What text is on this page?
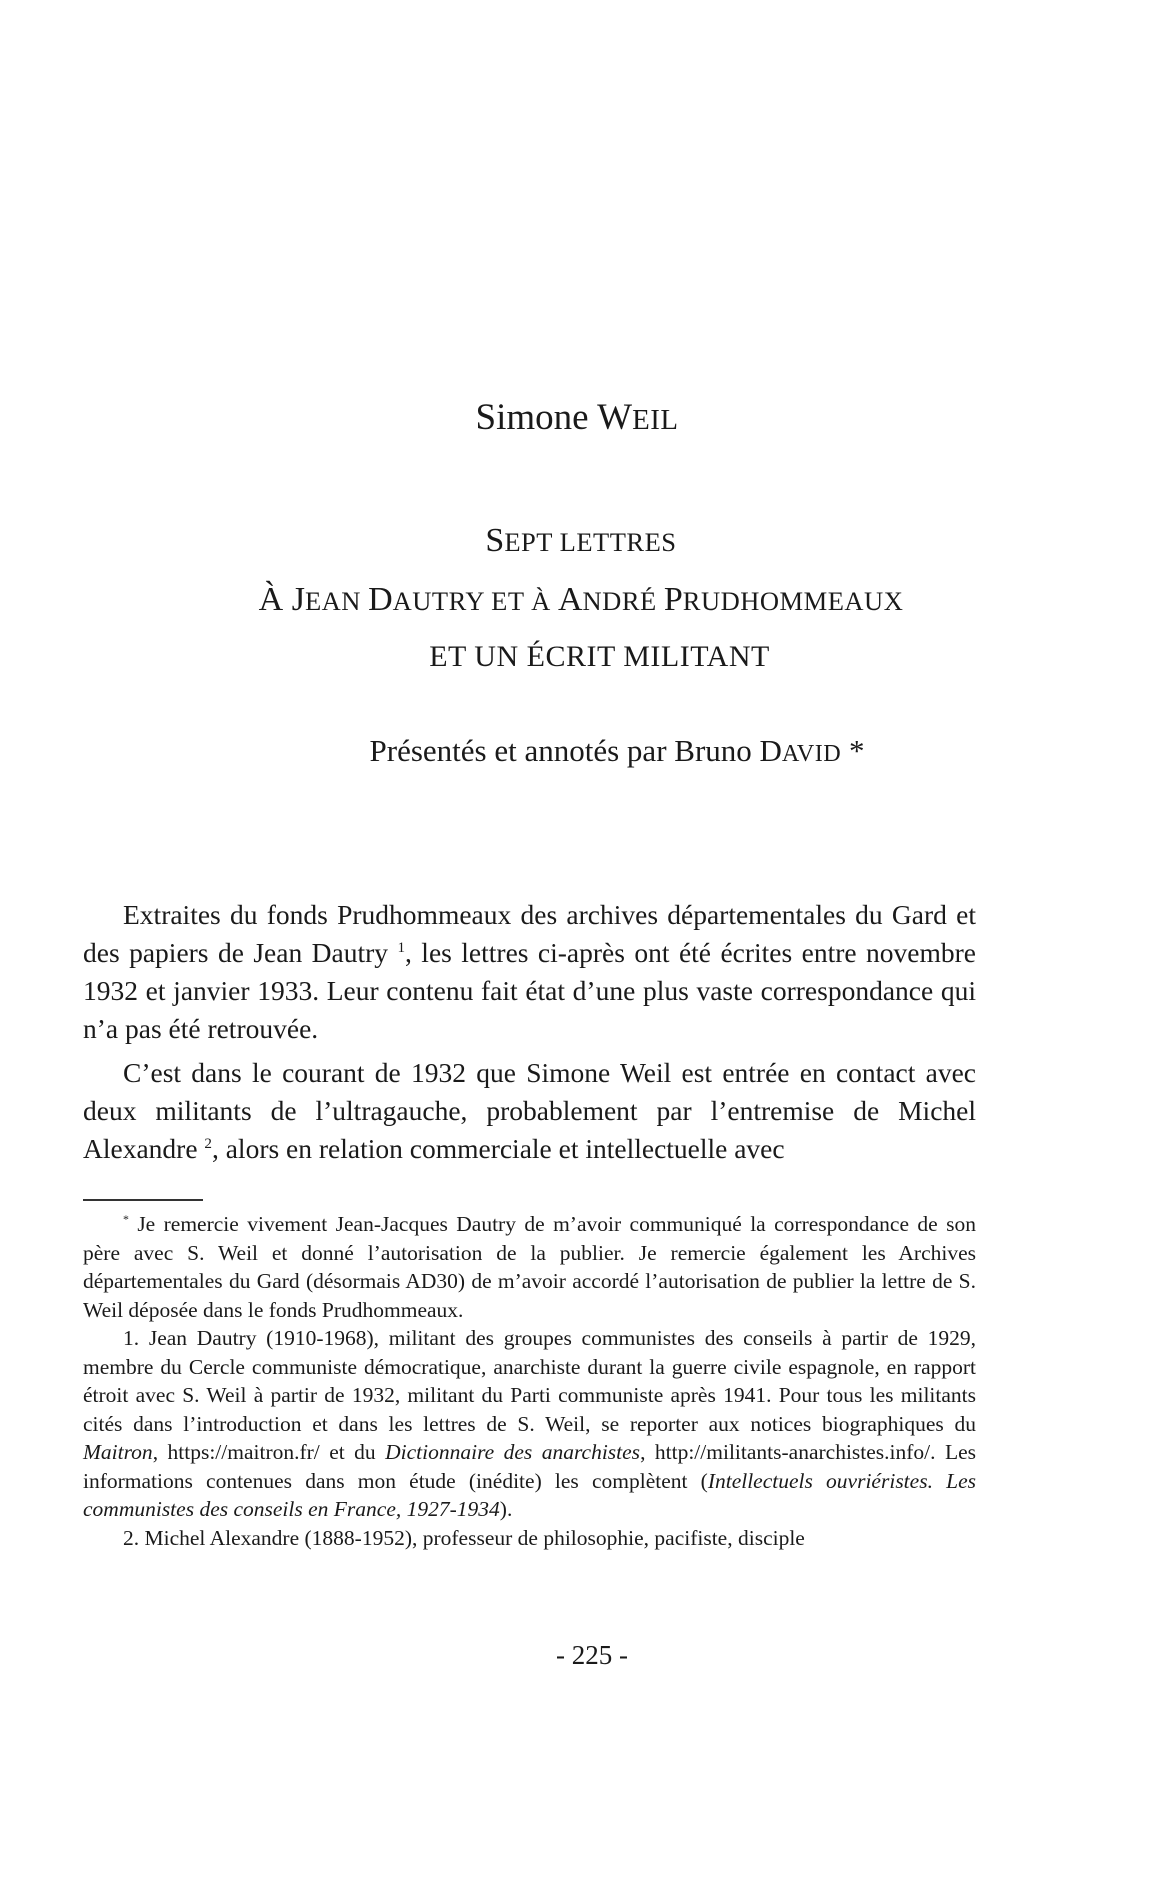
Simone WEIL
SEPT LETTRES
À JEAN DAUTRY ET À ANDRÉ PRUDHOMMEAUX
ET UN ÉCRIT MILITANT
Présentés et annotés par Bruno DAVID *

Extraites du fonds Prudhommeaux des archives départementales du Gard et des papiers de Jean Dautry $^1$, les lettres ci-après ont été écrites entre novembre 1932 et janvier 1933. Leur contenu fait état d’une plus vaste correspondance qui n’a pas été retrouvée.

C’est dans le courant de 1932 que Simone Weil est entrée en contact avec deux militants de l’ultragauche, probablement par l’entremise de Michel Alexandre $^2$, alors en relation commerciale et intellectuelle avec

* Je remercie vivement Jean-Jacques Dautry de m’avoir communiqué la correspondance de son père avec S. Weil et donné l’autorisation de la publier. Je remercie également les Archives départementales du Gard (désormais AD30) de m’avoir accordé l’autorisation de publier la lettre de S. Weil déposée dans le fonds Prudhommeaux.

1. Jean Dautry (1910-1968), militant des groupes communistes des conseils à partir de 1929, membre du Cercle communiste démocratique, anarchiste durant la guerre civile espagnole, en rapport étroit avec S. Weil à partir de 1932, militant du Parti communiste après 1941. Pour tous les militants cités dans l’introduction et dans les lettres de S. Weil, se reporter aux notices biographiques du Maitron, https://maitron.fr/ et du Dictionnaire des anarchistes, http://militants-anarchistes.info/. Les informations contenues dans mon étude (inédite) les complètent (Intellectuels ouvriéristes. Les communistes des conseils en France, 1927-1934).

2. Michel Alexandre (1888-1952), professeur de philosophie, pacifiste, disciple

- 225 -
